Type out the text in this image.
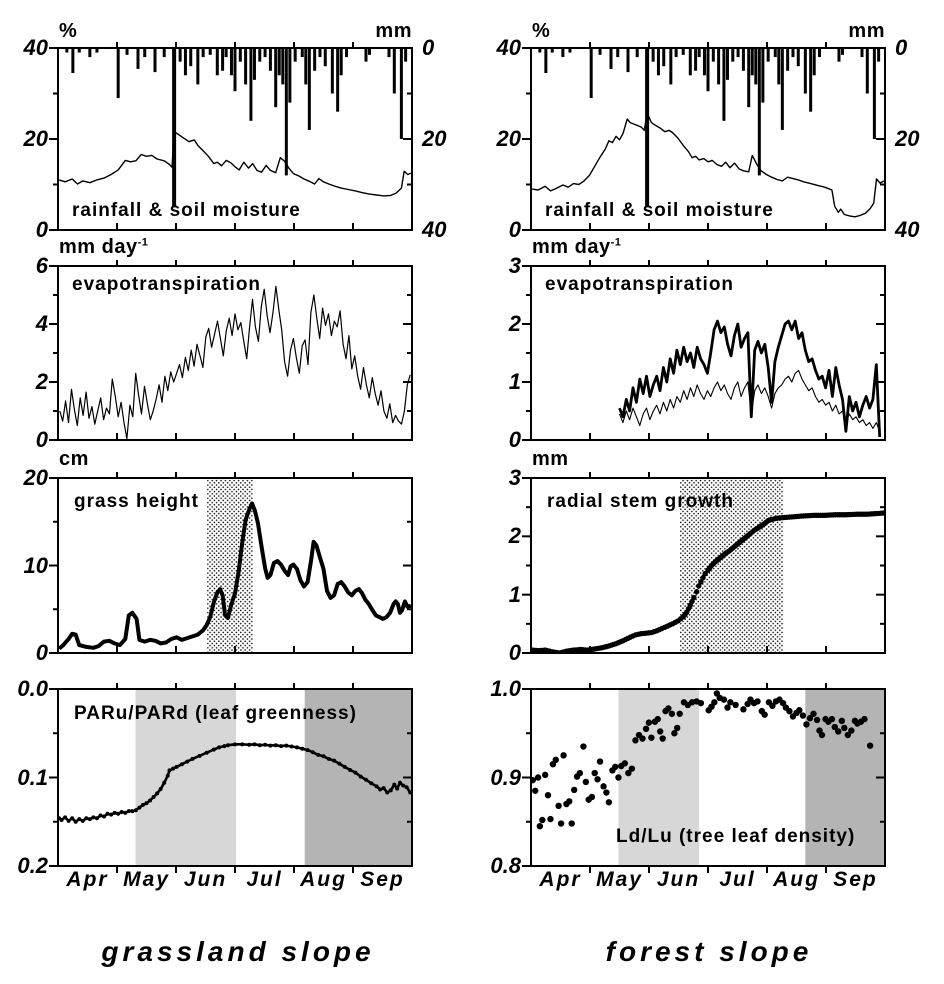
%	mm	%	mm
mm day$^{-1}$	mm day$^{-1}$
cm	mm
rainfall & soil moisture	rainfall & soil moisture
evapotranspiration	evapotranspiration
grass height	radial stem growth
PARu/PARd (leaf greenness)
Ld/Lu (tree leaf density)
grassland slope	forest slope
0
20
40	0
20
40	0
20
40	0
20
40
0
2
4
6
0
1
2
3
0
10
20
0
1
2
3
0.0
0.1
0.2
Apr May Jun Jul Aug Sep
0.8
0.9
1.0
Apr May Jun Jul Aug Sep
